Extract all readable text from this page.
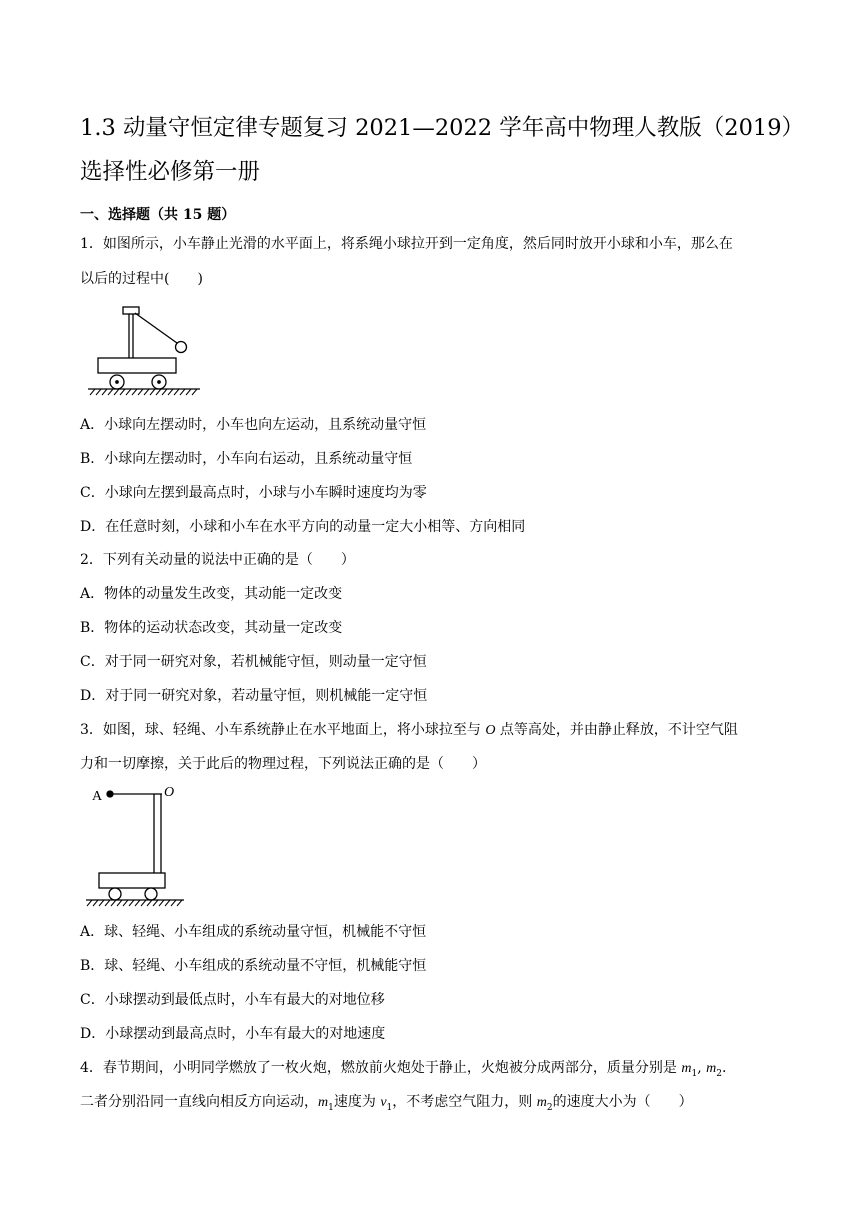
1.3 动量守恒定律专题复习 2021—2022 学年高中物理人教版（2019）
选择性必修第一册
一、选择题（共 15 题）
1．如图所示，小车静止光滑的水平面上，将系绳小球拉开到一定角度，然后同时放开小球和小车，那么在
以后的过程中(　　)
A．小球向左摆动时，小车也向左运动，且系统动量守恒
B．小球向左摆动时，小车向右运动，且系统动量守恒
C．小球向左摆到最高点时，小球与小车瞬时速度均为零
D．在任意时刻，小球和小车在水平方向的动量一定大小相等、方向相同
2．下列有关动量的说法中正确的是（　　）
A．物体的动量发生改变，其动能一定改变
B．物体的运动状态改变，其动量一定改变
C．对于同一研究对象，若机械能守恒，则动量一定守恒
D．对于同一研究对象，若动量守恒，则机械能一定守恒
3．如图，球、轻绳、小车系统静止在水平地面上，将小球拉至与 O 点等高处，并由静止释放，不计空气阻
力和一切摩擦，关于此后的物理过程，下列说法正确的是（　　）
A	O
A．球、轻绳、小车组成的系统动量守恒，机械能不守恒
B．球、轻绳、小车组成的系统动量不守恒，机械能守恒
C．小球摆动到最低点时，小车有最大的对地位移
D．小球摆动到最高点时，小车有最大的对地速度
4．春节期间，小明同学燃放了一枚火炮，燃放前火炮处于静止，火炮被分成两部分，质量分别是 $m_1$, $m_2$.
二者分别沿同一直线向相反方向运动，$m_1$速度为 $v_1$，不考虑空气阻力，则 $m_2$的速度大小为（　　）
